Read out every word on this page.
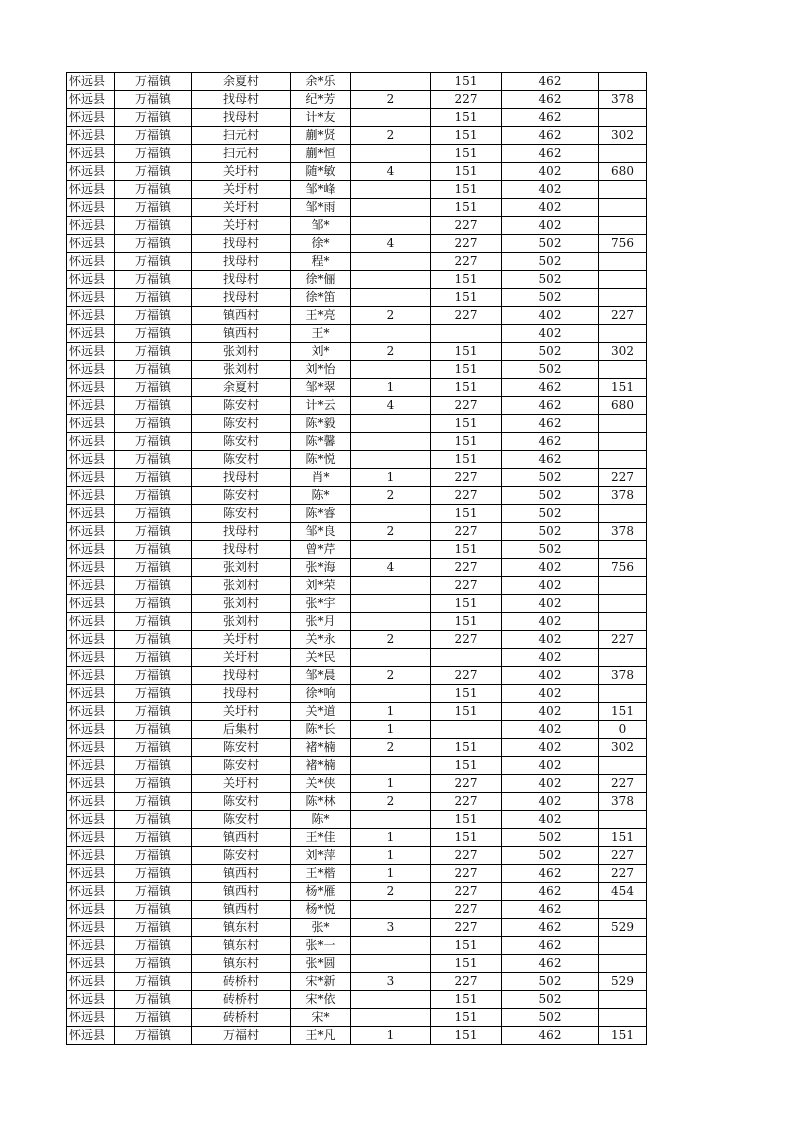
怀远县	万福镇	余夏村	余*乐		151	462	
怀远县	万福镇	找母村	纪*芳	2	227	462	378
怀远县	万福镇	找母村	计*友		151	462	
怀远县	万福镇	扫元村	蒯*贤	2	151	462	302
怀远县	万福镇	扫元村	蒯*恒		151	462	
怀远县	万福镇	关圩村	随*敏	4	151	402	680
怀远县	万福镇	关圩村	邹*峰		151	402	
怀远县	万福镇	关圩村	邹*雨		151	402	
怀远县	万福镇	关圩村	邹*		227	402	
怀远县	万福镇	找母村	徐*	4	227	502	756
怀远县	万福镇	找母村	程*		227	502	
怀远县	万福镇	找母村	徐*俪		151	502	
怀远县	万福镇	找母村	徐*笛		151	502	
怀远县	万福镇	镇西村	王*亮	2	227	402	227
怀远县	万福镇	镇西村	王*			402	
怀远县	万福镇	张刘村	刘*	2	151	502	302
怀远县	万福镇	张刘村	刘*怡		151	502	
怀远县	万福镇	余夏村	邹*翠	1	151	462	151
怀远县	万福镇	陈安村	计*云	4	227	462	680
怀远县	万福镇	陈安村	陈*毅		151	462	
怀远县	万福镇	陈安村	陈*馨		151	462	
怀远县	万福镇	陈安村	陈*悦		151	462	
怀远县	万福镇	找母村	肖*	1	227	502	227
怀远县	万福镇	陈安村	陈*	2	227	502	378
怀远县	万福镇	陈安村	陈*睿		151	502	
怀远县	万福镇	找母村	邹*良	2	227	502	378
怀远县	万福镇	找母村	曾*芹		151	502	
怀远县	万福镇	张刘村	张*海	4	227	402	756
怀远县	万福镇	张刘村	刘*荣		227	402	
怀远县	万福镇	张刘村	张*宇		151	402	
怀远县	万福镇	张刘村	张*月		151	402	
怀远县	万福镇	关圩村	关*永	2	227	402	227
怀远县	万福镇	关圩村	关*民			402	
怀远县	万福镇	找母村	邹*晨	2	227	402	378
怀远县	万福镇	找母村	徐*响		151	402	
怀远县	万福镇	关圩村	关*道	1	151	402	151
怀远县	万福镇	后集村	陈*长	1		402	0
怀远县	万福镇	陈安村	褚*楠	2	151	402	302
怀远县	万福镇	陈安村	褚*楠		151	402	
怀远县	万福镇	关圩村	关*侠	1	227	402	227
怀远县	万福镇	陈安村	陈*林	2	227	402	378
怀远县	万福镇	陈安村	陈*		151	402	
怀远县	万福镇	镇西村	王*佳	1	151	502	151
怀远县	万福镇	陈安村	刘*萍	1	227	502	227
怀远县	万福镇	镇西村	王*楷	1	227	462	227
怀远县	万福镇	镇西村	杨*雁	2	227	462	454
怀远县	万福镇	镇西村	杨*悦		227	462	
怀远县	万福镇	镇东村	张*	3	227	462	529
怀远县	万福镇	镇东村	张*一		151	462	
怀远县	万福镇	镇东村	张*圆		151	462	
怀远县	万福镇	砖桥村	宋*新	3	227	502	529
怀远县	万福镇	砖桥村	宋*依		151	502	
怀远县	万福镇	砖桥村	宋*		151	502	
怀远县	万福镇	万福村	王*凡	1	151	462	151
